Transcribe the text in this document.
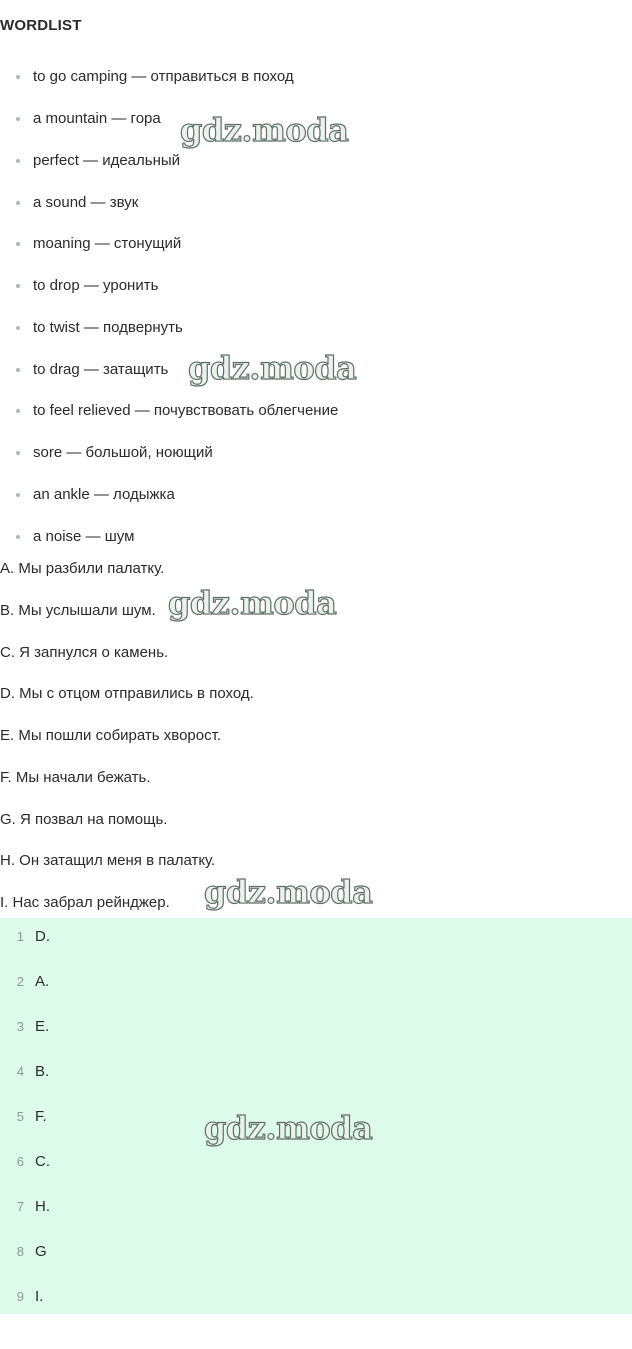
WORDLIST
to go camping — отправиться в поход
a mountain — гора
perfect — идеальный
a sound — звук
moaning — стонущий
to drop — уронить
to twist — подвернуть
to drag — затащить
to feel relieved — почувствовать облегчение
sore — большой, ноющий
an ankle — лодыжка
a noise — шум
A. Мы разбили палатку.
B. Мы услышали шум.
C. Я запнулся о камень.
D. Мы с отцом отправились в поход.
E. Мы пошли собирать хворост.
F. Мы начали бежать.
G. Я позвал на помощь.
H. Он затащил меня в палатку.
I. Нас забрал рейнджер.
1 D.
2 A.
3 E.
4 B.
5 F.
6 C.
7 H.
8 G
9 I.
gdz.moda
gdz.moda
gdz.moda
gdz.moda
gdz.moda
